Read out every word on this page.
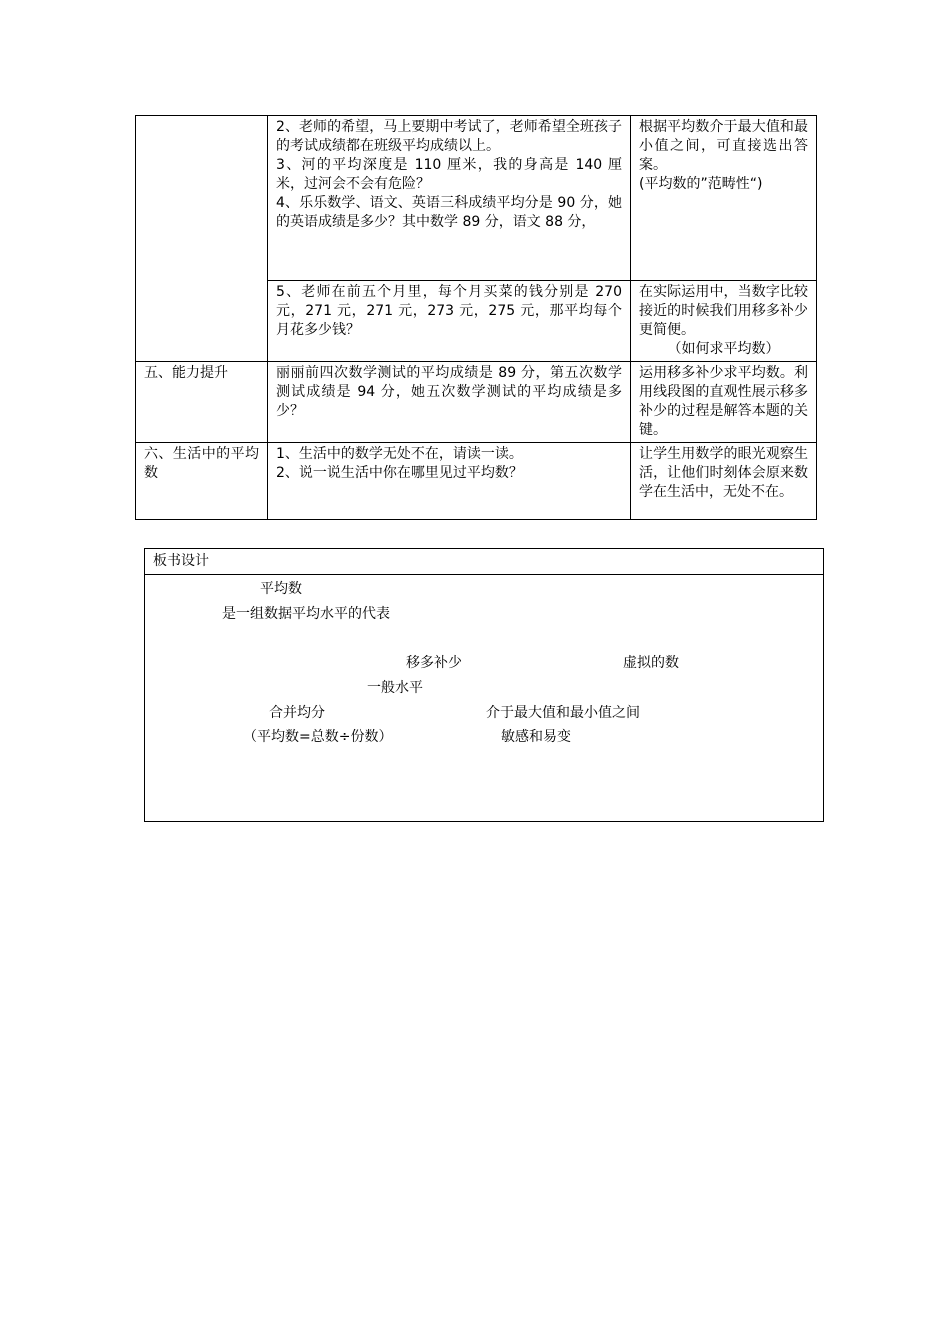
	2、老师的希望，马上要期中考试了，老师希望全班孩子的考试成绩都在班级平均成绩以上。
3、河的平均深度是 110 厘米，我的身高是 140 厘米，过河会不会有危险？
4、乐乐数学、语文、英语三科成绩平均分是 90 分，她的英语成绩是多少？其中数学 89 分，语文 88 分，	根据平均数介于最大值和最小值之间，可直接选出答案。
(平均数的”范畴性“)

	5、老师在前五个月里，每个月买菜的钱分别是 270 元，271 元，271 元，273 元，275 元，那平均每个月花多少钱？	在实际运用中，当数字比较接近的时候我们用移多补少更简便。
（如何求平均数）

五、能力提升	丽丽前四次数学测试的平均成绩是 89 分，第五次数学测试成绩是 94 分，她五次数学测试的平均成绩是多少？	运用移多补少求平均数。利用线段图的直观性展示移多补少的过程是解答本题的关键。

六、生活中的平均数	1、生活中的数学无处不在，请读一读。
2、说一说生活中你在哪里见过平均数？	让学生用数学的眼光观察生活，让他们时刻体会原来数学在生活中，无处不在。
板书设计
平均数
是一组数据平均水平的代表
移多补少	虚拟的数
一般水平
合并均分	介于最大值和最小值之间
（平均数=总数÷份数）	敏感和易变
